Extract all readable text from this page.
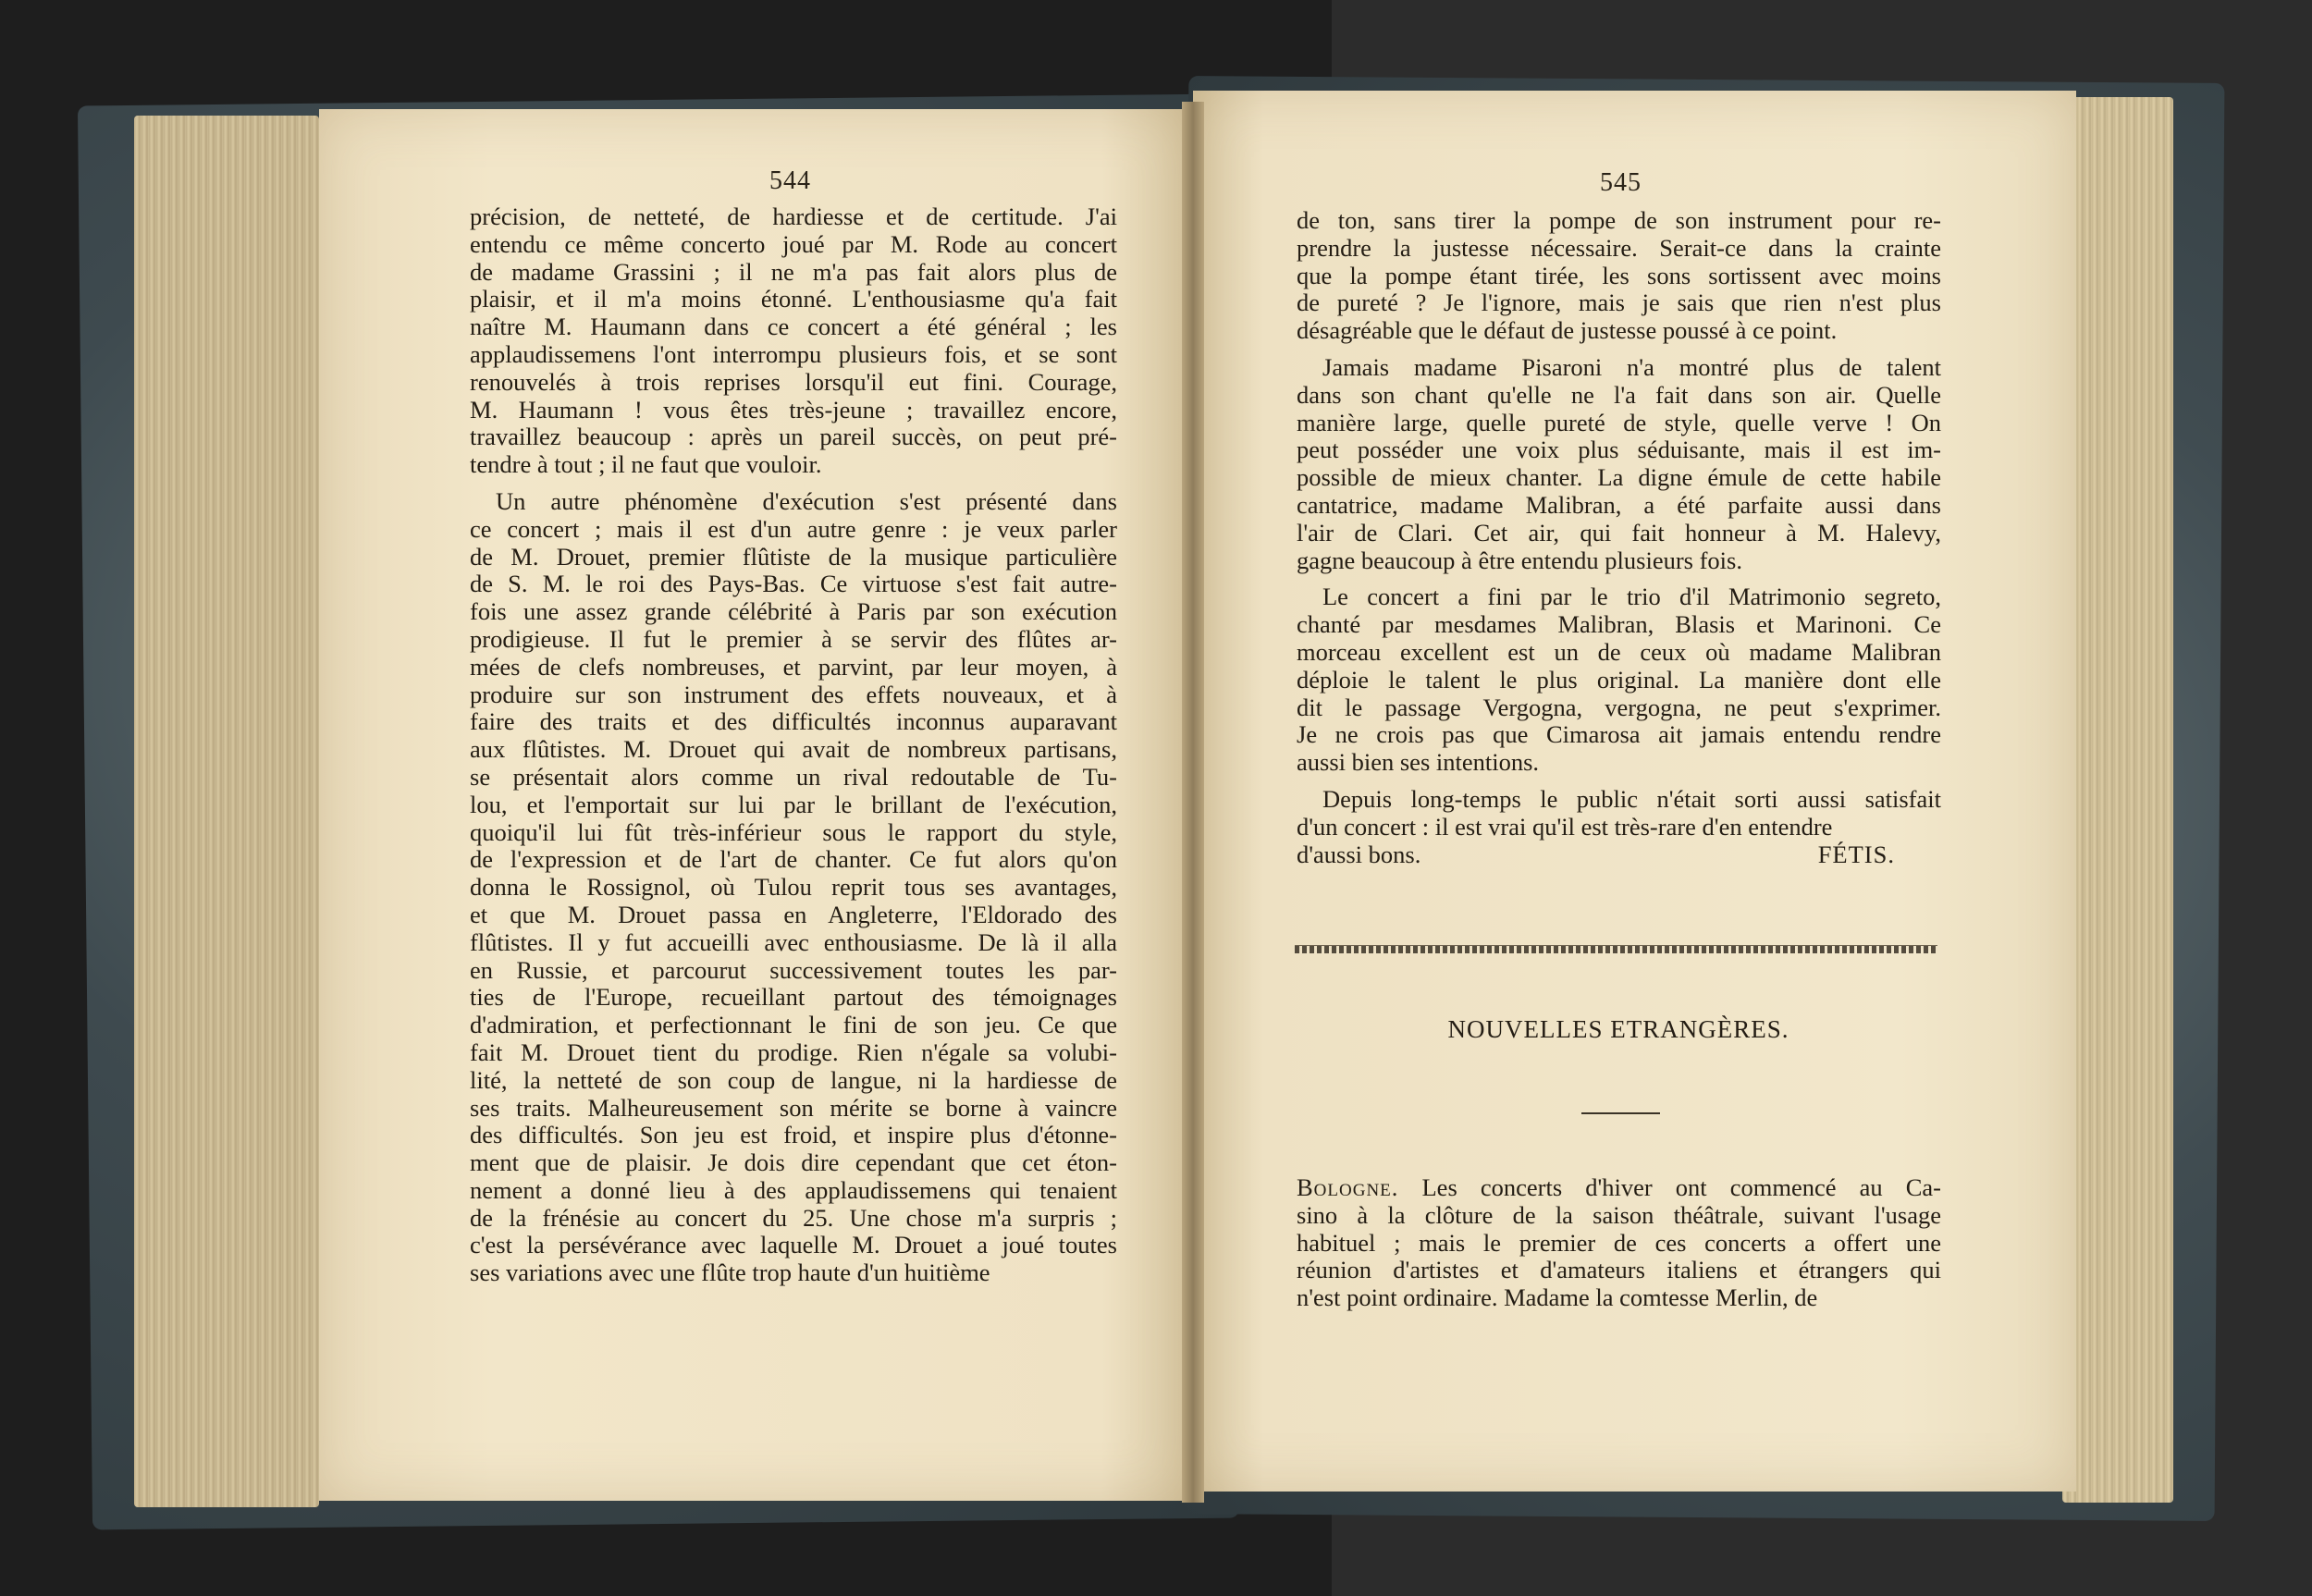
544	545

précision, de netteté, de hardiesse et de certitude. J'ai
entendu ce même concerto joué par M. Rode au concert
de madame Grassini ; il ne m'a pas fait alors plus de
plaisir, et il m'a moins étonné. L'enthousiasme qu'a fait
naître M. Haumann dans ce concert a été général ; les
applaudissemens l'ont interrompu plusieurs fois, et se sont
renouvelés à trois reprises lorsqu'il eut fini. Courage,
M. Haumann ! vous êtes très-jeune ; travaillez encore,
travaillez beaucoup : après un pareil succès, on peut pré-
tendre à tout ; il ne faut que vouloir.

Un autre phénomène d'exécution s'est présenté dans
ce concert ; mais il est d'un autre genre : je veux parler
de M. Drouet, premier flûtiste de la musique particulière
de S. M. le roi des Pays-Bas. Ce virtuose s'est fait autre-
fois une assez grande célébrité à Paris par son exécution
prodigieuse. Il fut le premier à se servir des flûtes ar-
mées de clefs nombreuses, et parvint, par leur moyen, à
produire sur son instrument des effets nouveaux, et à
faire des traits et des difficultés inconnus auparavant
aux flûtistes. M. Drouet qui avait de nombreux partisans,
se présentait alors comme un rival redoutable de Tu-
lou, et l'emportait sur lui par le brillant de l'exécution,
quoiqu'il lui fût très-inférieur sous le rapport du style,
de l'expression et de l'art de chanter. Ce fut alors qu'on
donna le Rossignol, où Tulou reprit tous ses avantages,
et que M. Drouet passa en Angleterre, l'Eldorado des
flûtistes. Il y fut accueilli avec enthousiasme. De là il alla
en Russie, et parcourut successivement toutes les par-
ties de l'Europe, recueillant partout des témoignages
d'admiration, et perfectionnant le fini de son jeu. Ce que
fait M. Drouet tient du prodige. Rien n'égale sa volubi-
lité, la netteté de son coup de langue, ni la hardiesse de
ses traits. Malheureusement son mérite se borne à vaincre
des difficultés. Son jeu est froid, et inspire plus d'étonne-
ment que de plaisir. Je dois dire cependant que cet éton-
nement a donné lieu à des applaudissemens qui tenaient
de la frénésie au concert du 25. Une chose m'a surpris ;
c'est la persévérance avec laquelle M. Drouet a joué toutes
ses variations avec une flûte trop haute d'un huitième

de ton, sans tirer la pompe de son instrument pour re-
prendre la justesse nécessaire. Serait-ce dans la crainte
que la pompe étant tirée, les sons sortissent avec moins
de pureté ? Je l'ignore, mais je sais que rien n'est plus
désagréable que le défaut de justesse poussé à ce point.

Jamais madame Pisaroni n'a montré plus de talent
dans son chant qu'elle ne l'a fait dans son air. Quelle
manière large, quelle pureté de style, quelle verve ! On
peut posséder une voix plus séduisante, mais il est im-
possible de mieux chanter. La digne émule de cette habile
cantatrice, madame Malibran, a été parfaite aussi dans
l'air de Clari. Cet air, qui fait honneur à M. Halevy,
gagne beaucoup à être entendu plusieurs fois.

Le concert a fini par le trio d'il Matrimonio segreto,
chanté par mesdames Malibran, Blasis et Marinoni. Ce
morceau excellent est un de ceux où madame Malibran
déploie le talent le plus original. La manière dont elle
dit le passage Vergogna, vergogna, ne peut s'exprimer.
Je ne crois pas que Cimarosa ait jamais entendu rendre
aussi bien ses intentions.

Depuis long-temps le public n'était sorti aussi satisfait
d'un concert : il est vrai qu'il est très-rare d'en entendre

d'aussi bons.	FÉTIS.
NOUVELLES ETRANGÈRES.
Bologne. Les concerts d'hiver ont commencé au Ca-
sino à la clôture de la saison théâtrale, suivant l'usage
habituel ; mais le premier de ces concerts a offert une
réunion d'artistes et d'amateurs italiens et étrangers qui
n'est point ordinaire. Madame la comtesse Merlin, de
